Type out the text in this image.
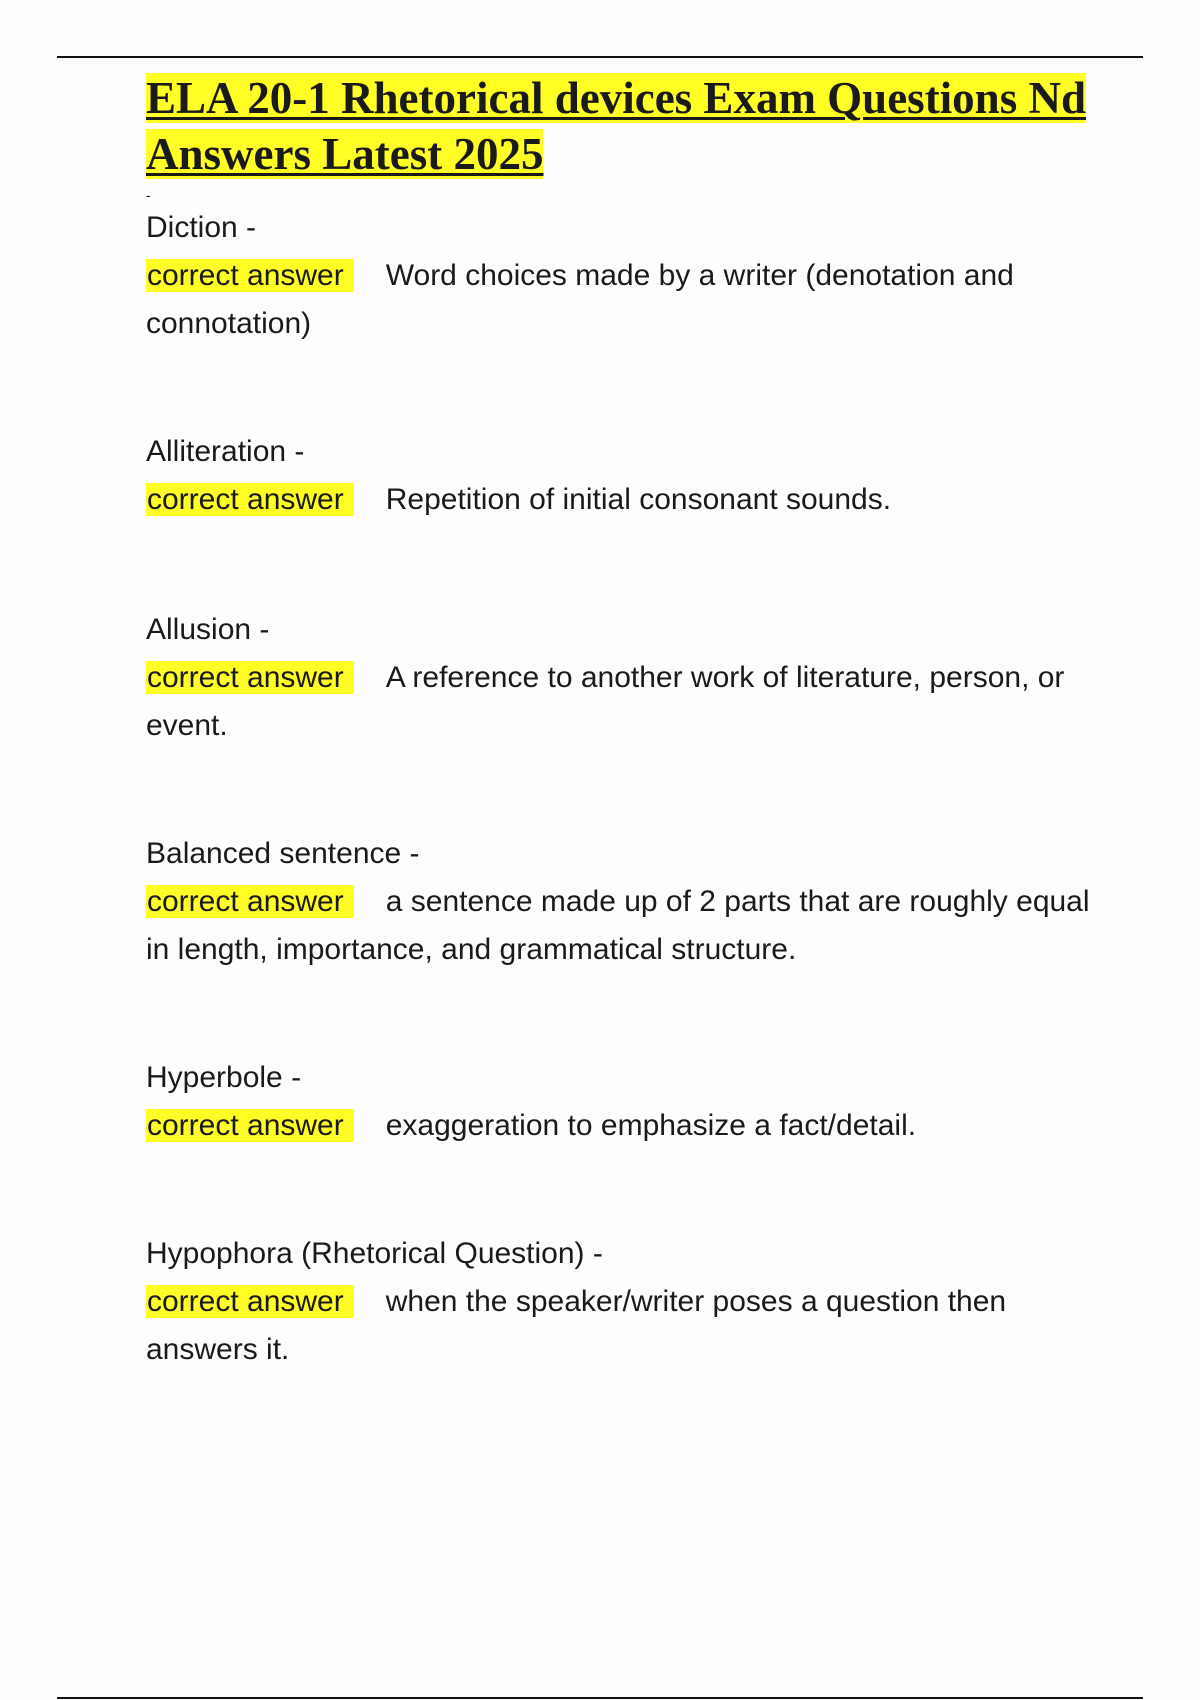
ELA 20-1 Rhetorical devices Exam Questions Nd Answers Latest 2025
-

Diction -

correct answer Word choices made by a writer (denotation and connotation)

Alliteration -

correct answer Repetition of initial consonant sounds.

Allusion -

correct answer A reference to another work of literature, person, or event.

Balanced sentence -

correct answer a sentence made up of 2 parts that are roughly equal in length, importance, and grammatical structure.

Hyperbole -

correct answer exaggeration to emphasize a fact/detail.

Hypophora (Rhetorical Question) -

correct answer when the speaker/writer poses a question then answers it.
